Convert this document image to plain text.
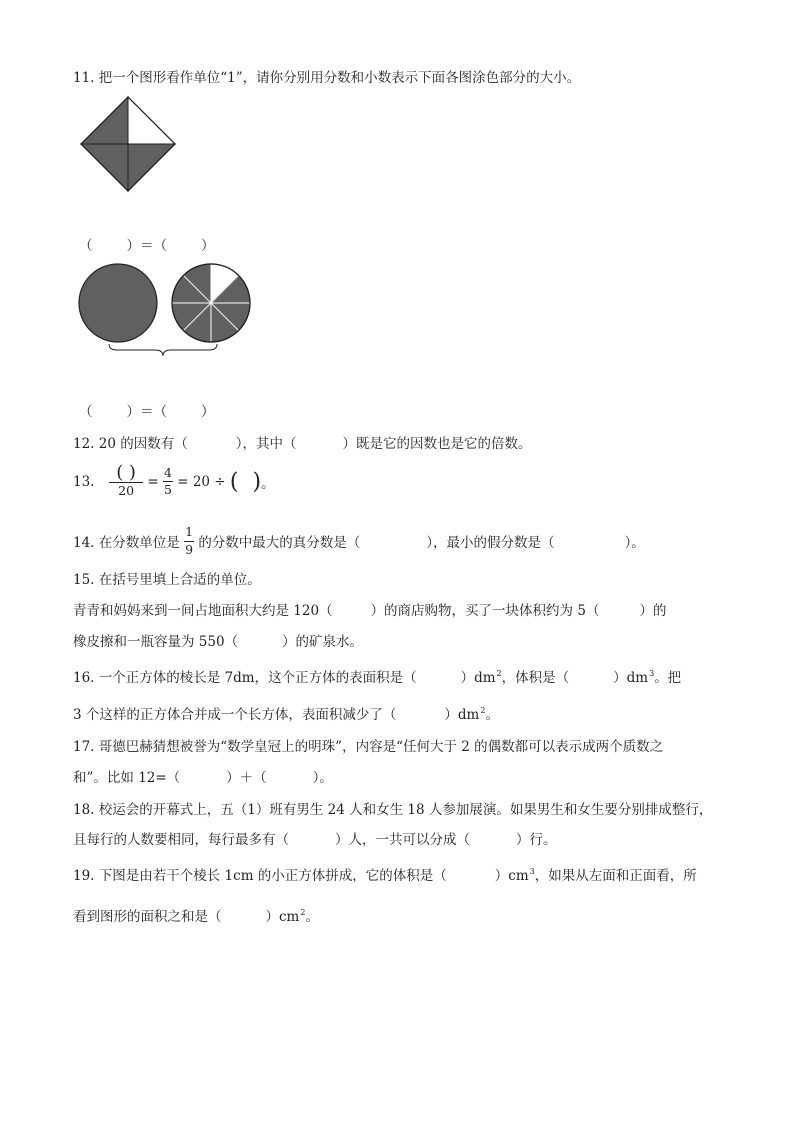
11. 把一个图形看作单位“1”，请你分别用分数和小数表示下面各图涂色部分的大小。
（	）＝（	）
（	）＝（	）
12. 20 的因数有（	），其中（	）既是它的因数也是它的倍数。
13. $\frac{( )}{20} = \frac{4}{5} = 20$ ÷ ( )。
14. 在分数单位是 $\frac{1}{9}$ 的分数中最大的真分数是（	），最小的假分数是（	）。
15. 在括号里填上合适的单位。
青青和妈妈来到一间占地面积大约是 120（	）的商店购物，买了一块体积约为 5（	）的
橡皮擦和一瓶容量为 550（	）的矿泉水。
16. 一个正方体的棱长是 7dm，这个正方体的表面积是（	）$dm^2$，体积是（	）$dm^3$。把
3 个这样的正方体合并成一个长方体，表面积减少了（	）$dm^2$。
17. 哥德巴赫猜想被誉为“数学皇冠上的明珠”，内容是“任何大于 2 的偶数都可以表示成两个质数之
和”。比如 12=（	）＋（	）。
18. 校运会的开幕式上，五（1）班有男生 24 人和女生 18 人参加展演。如果男生和女生要分别排成整行，
且每行的人数要相同，每行最多有（	）人，一共可以分成（	）行。
19. 下图是由若干个棱长 1cm 的小正方体拼成，它的体积是（	）$cm^3$，如果从左面和正面看，所
看到图形的面积之和是（	）$cm^2$。
